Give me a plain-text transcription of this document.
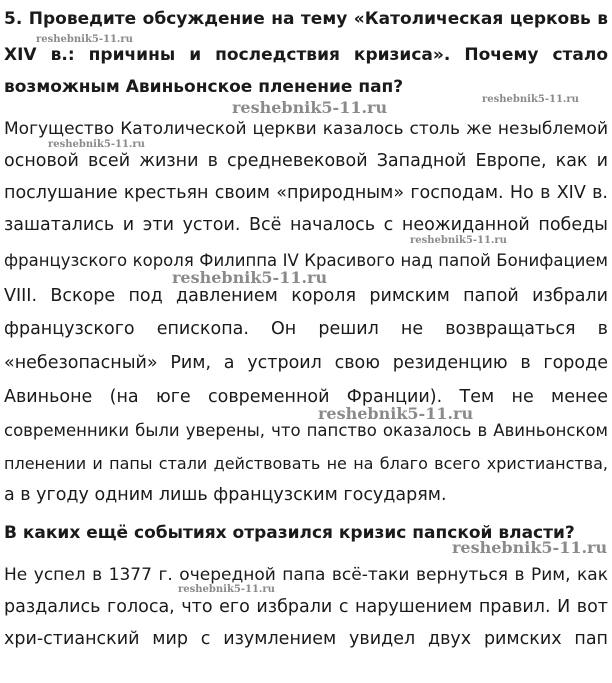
5. Проведите обсуждение на тему «Католическая церковь в
XIV в.: причины и последствия кризиса». Почему стало
возможным Авиньонское пленение пап?
Могущество Католической церкви казалось столь же незыблемой
основой всей жизни в средневековой Западной Европе, как и
послушание крестьян своим «природным» господам. Но в XIV в.
зашатались и эти устои. Всё началось с неожиданной победы
французского короля Филиппа IV Красивого над папой Бонифацием
VIII. Вскоре под давлением короля римским папой избрали
французского епископа. Он решил не возвращаться в
«небезопасный» Рим, а устроил свою резиденцию в городе
Авиньоне (на юге современной Франции). Тем не менее
современники были уверены, что папство оказалось в Авиньонском
пленении и папы стали действовать не на благо всего христианства,
а в угоду одним лишь французским государям.
В каких ещё событиях отразился кризис папской власти?
Не успел в 1377 г. очередной папа всё-таки вернуться в Рим, как
раздались голоса, что его избрали с нарушением правил. И вот
хри-стианский мир с изумлением увидел двух римских пап
reshebnik5-11.ru
reshebnik5-11.ru	reshebnik5-11.ru
reshebnik5-11.ru
reshebnik5-11.ru
reshebnik5-11.ru
reshebnik5-11.ru
reshebnik5-11.ru
reshebnik5-11.ru
